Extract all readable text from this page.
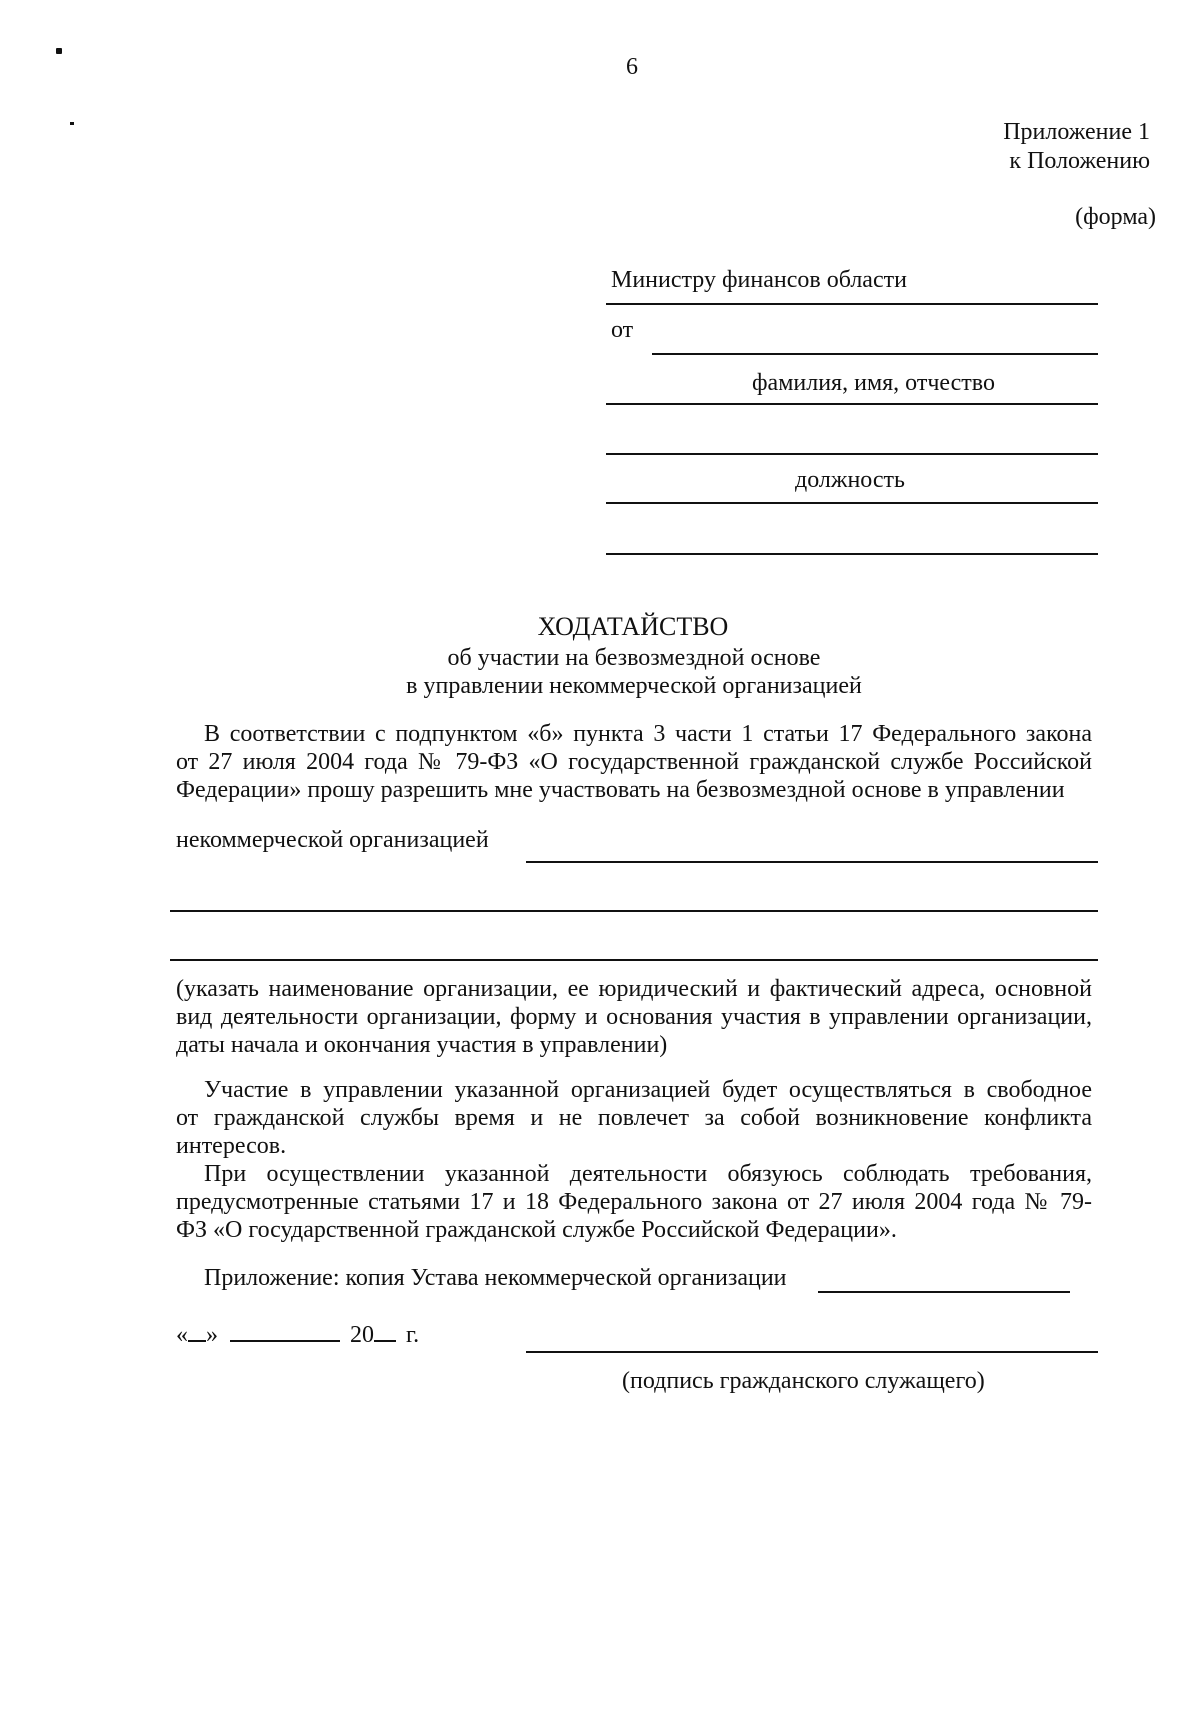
6
Приложение 1
к Положению
(форма)
Министру финансов области
от
фамилия, имя, отчество
должность
ХОДАТАЙСТВО
об участии на безвозмездной основе
в управлении некоммерческой организацией
В соответствии с подпунктом «б» пункта 3 части 1 статьи 17 Федерального закона
от 27 июля 2004 года № 79-ФЗ «О государственной гражданской службе Российской
Федерации» прошу разрешить мне участвовать на безвозмездной основе в управлении
некоммерческой организацией
(указать наименование организации, ее юридический и фактический адреса, основной
вид деятельности организации, форму и основания участия в управлении организации,
даты начала и окончания участия в управлении)
Участие в управлении указанной организацией будет осуществляться в свободное
от гражданской службы время и не повлечет за собой возникновение конфликта
интересов.
При осуществлении указанной деятельности обязуюсь соблюдать требования,
предусмотренные статьями 17 и 18 Федерального закона от 27 июля 2004 года № 79-
ФЗ «О государственной гражданской службе Российской Федерации».
Приложение: копия Устава некоммерческой организации
« »	20 г.
(подпись гражданского служащего)
